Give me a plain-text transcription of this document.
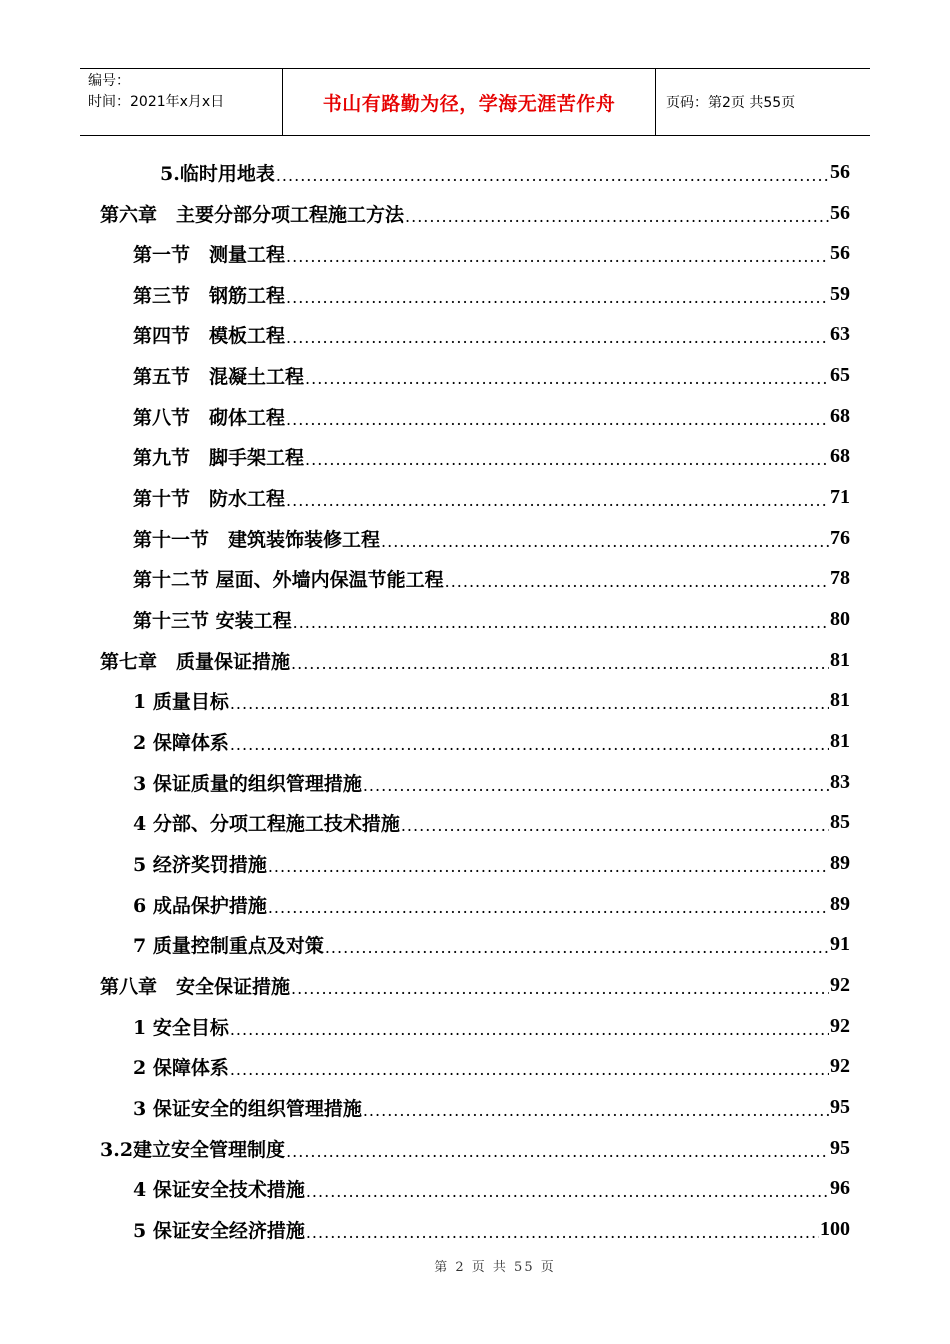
编号：
时间：2021年x月x日	书山有路勤为径，学海无涯苦作舟	页码：第2页 共55页
5.临时用地表 .....	56
第六章　主要分部分项工程施工方法 .....	56
第一节　测量工程 .....	56
第三节　钢筋工程 .....	59
第四节　模板工程 .....	63
第五节　混凝土工程 .....	65
第八节　砌体工程 .....	68
第九节　脚手架工程 .....	68
第十节　防水工程 .....	71
第十一节　建筑装饰装修工程 .....	76
第十二节 屋面、外墙内保温节能工程 .....	78
第十三节 安装工程 .....	80
第七章　质量保证措施 .....	81
1 质量目标 .....	81
2 保障体系 .....	81
3 保证质量的组织管理措施 .....	83
4 分部、分项工程施工技术措施 .....	85
5 经济奖罚措施 .....	89
6 成品保护措施 .....	89
7 质量控制重点及对策 .....	91
第八章　安全保证措施 .....	92
1 安全目标 .....	92
2 保障体系 .....	92
3 保证安全的组织管理措施 .....	95
3.2建立安全管理制度 .....	95
4 保证安全技术措施 .....	96
5 保证安全经济措施 .....	100
第 2 页 共 55 页
